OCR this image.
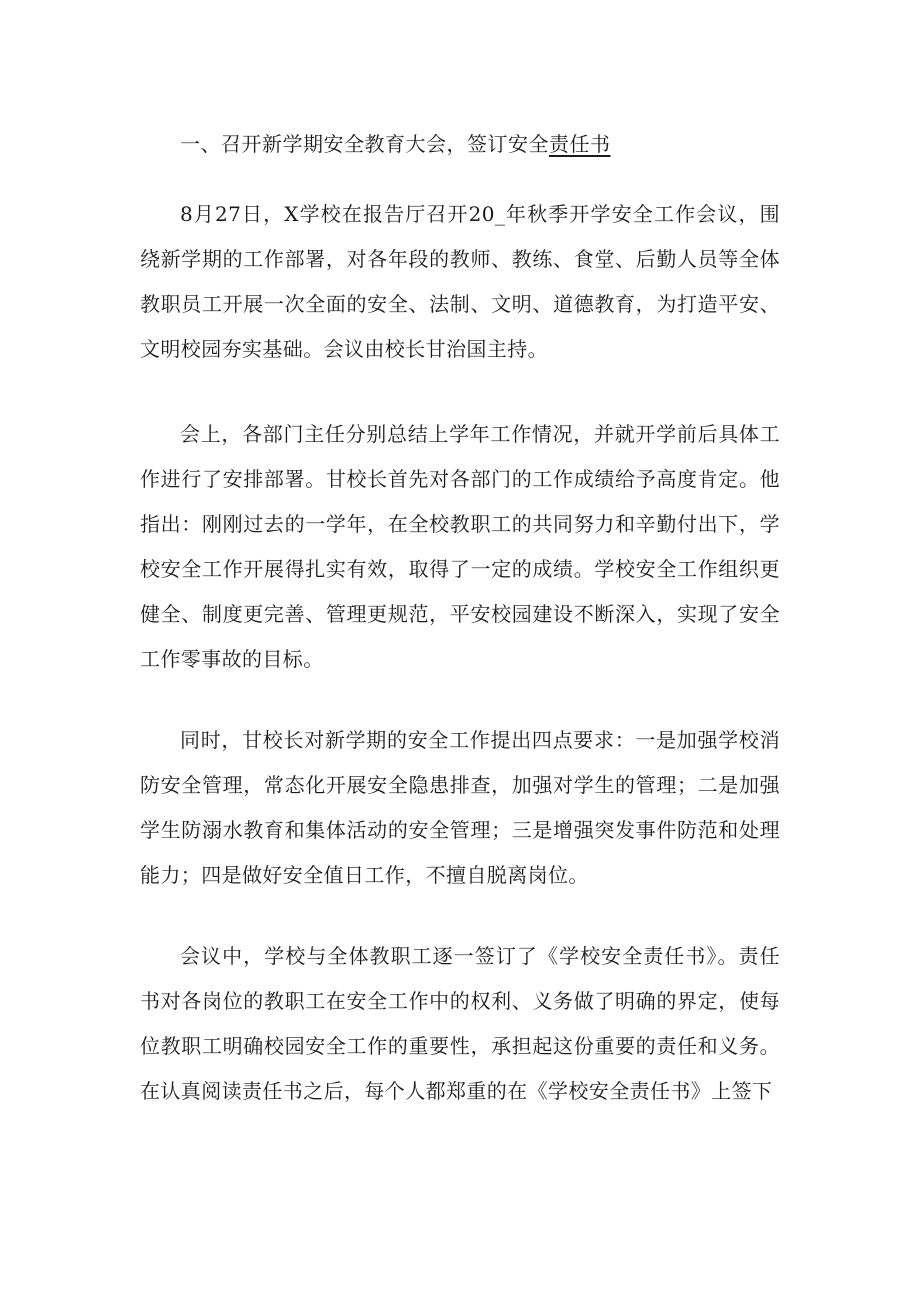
一、召开新学期安全教育大会，签订安全责任书

8月27日，X学校在报告厅召开20_年秋季开学安全工作会议，围绕新学期的工作部署，对各年段的教师、教练、食堂、后勤人员等全体教职员工开展一次全面的安全、法制、文明、道德教育，为打造平安、文明校园夯实基础。会议由校长甘治国主持。

会上，各部门主任分别总结上学年工作情况，并就开学前后具体工作进行了安排部署。甘校长首先对各部门的工作成绩给予高度肯定。他指出：刚刚过去的一学年，在全校教职工的共同努力和辛勤付出下，学校安全工作开展得扎实有效，取得了一定的成绩。学校安全工作组织更健全、制度更完善、管理更规范，平安校园建设不断深入，实现了安全工作零事故的目标。

同时，甘校长对新学期的安全工作提出四点要求：一是加强学校消防安全管理，常态化开展安全隐患排查，加强对学生的管理；二是加强学生防溺水教育和集体活动的安全管理；三是增强突发事件防范和处理能力；四是做好安全值日工作，不擅自脱离岗位。

会议中，学校与全体教职工逐一签订了《学校安全责任书》。责任书对各岗位的教职工在安全工作中的权利、义务做了明确的界定，使每位教职工明确校园安全工作的重要性，承担起这份重要的责任和义务。在认真阅读责任书之后，每个人都郑重的在《学校安全责任书》上签下
